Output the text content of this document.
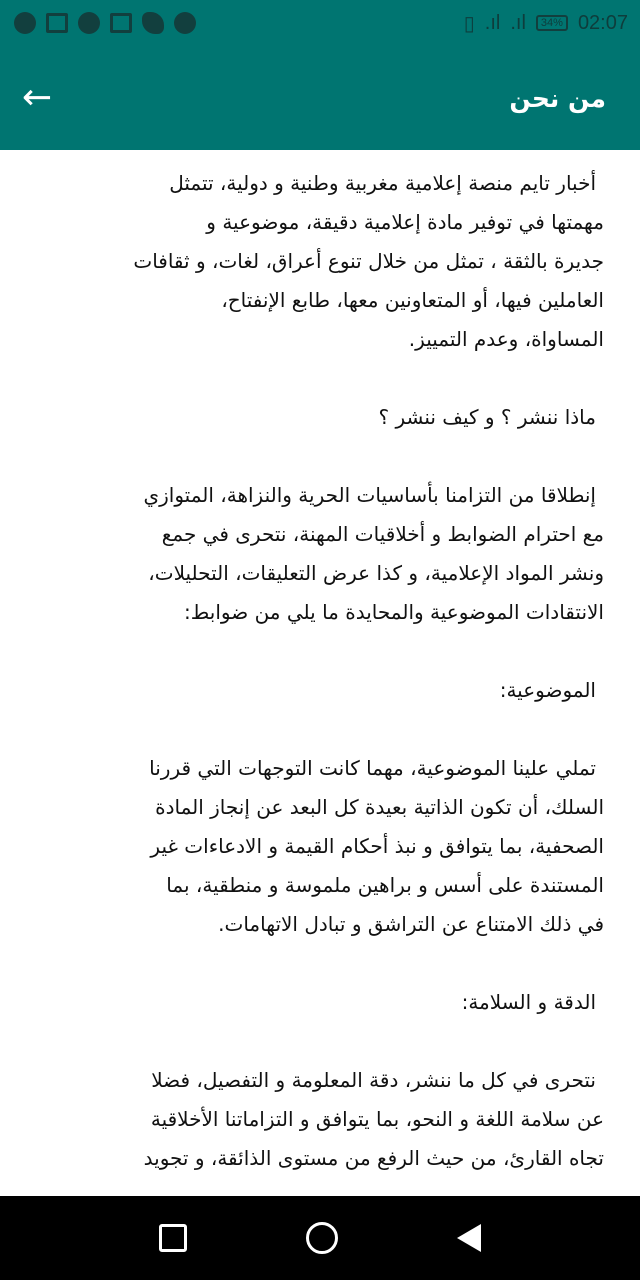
▯ .ıl .ıl	34% 02:07
←	من نحن

أخبار تايم منصة إعلامية مغربية وطنية و دولية، تتمثل

مهمتها في توفير مادة إعلامية دقيقة، موضوعية و

جديرة بالثقة ، تمثل من خلال تنوع أعراق، لغات، و ثقافات

العاملين فيها، أو المتعاونين معها، طابع الإنفتاح،

المساواة، وعدم التمييز.

ماذا ننشر ؟ و كيف ننشر ؟

إنطلاقا من التزامنا بأساسيات الحرية والنزاهة، المتوازي

مع احترام الضوابط و أخلاقيات المهنة، نتحرى في جمع

ونشر المواد الإعلامية، و كذا عرض التعليقات، التحليلات،

الانتقادات الموضوعية والمحايدة ما يلي من ضوابط:

الموضوعية:

تملي علينا الموضوعية، مهما كانت التوجهات التي قررنا

السلك، أن تكون الذاتية بعيدة كل البعد عن إنجاز المادة

الصحفية، بما يتوافق و نبذ أحكام القيمة و الادعاءات غير

المستندة على أسس و براهين ملموسة و منطقية، بما

في ذلك الامتناع عن التراشق و تبادل الاتهامات.

الدقة و السلامة:

نتحرى في كل ما ننشر، دقة المعلومة و التفصيل، فضلا

عن سلامة اللغة و النحو، بما يتوافق و التزاماتنا الأخلاقية

تجاه القارئ، من حيث الرفع من مستوى الذائقة، و تجويد
